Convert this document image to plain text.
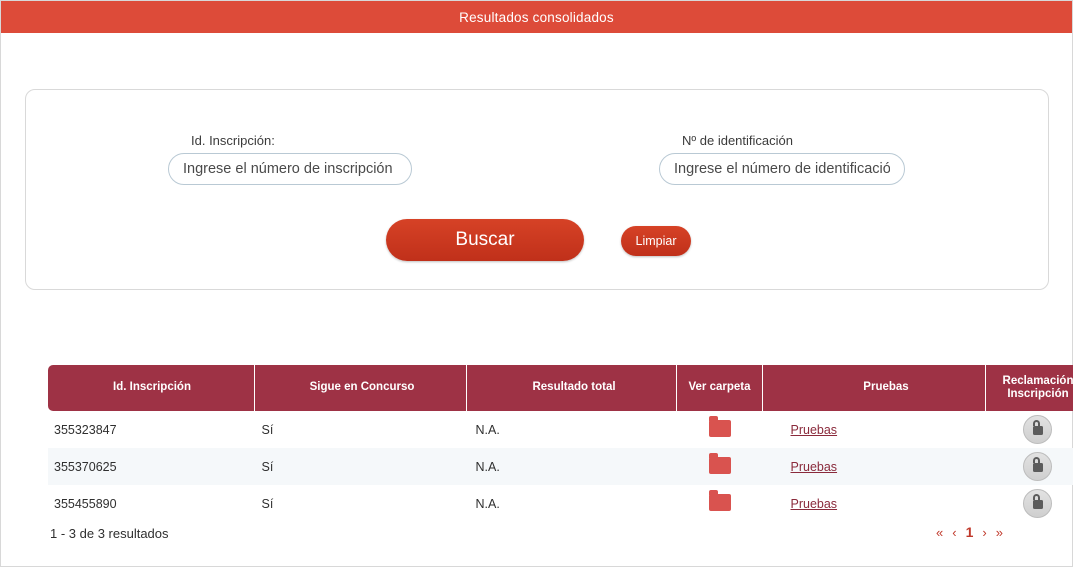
Resultados consolidados
Id. Inscripción:
Ingrese el número de inscripción	Nº de identificación
Ingrese el número de identificación
Buscar	Limpiar
Id. Inscripción	Sigue en Concurso	Resultado total	Ver carpeta	Pruebas	Reclamación
Inscripción
355323847	Sí	N.A.		Pruebas	

355370625	Sí	N.A.		Pruebas	

355455890	Sí	N.A.		Pruebas	
1 - 3 de 3 resultados	« ‹ 1 › »
